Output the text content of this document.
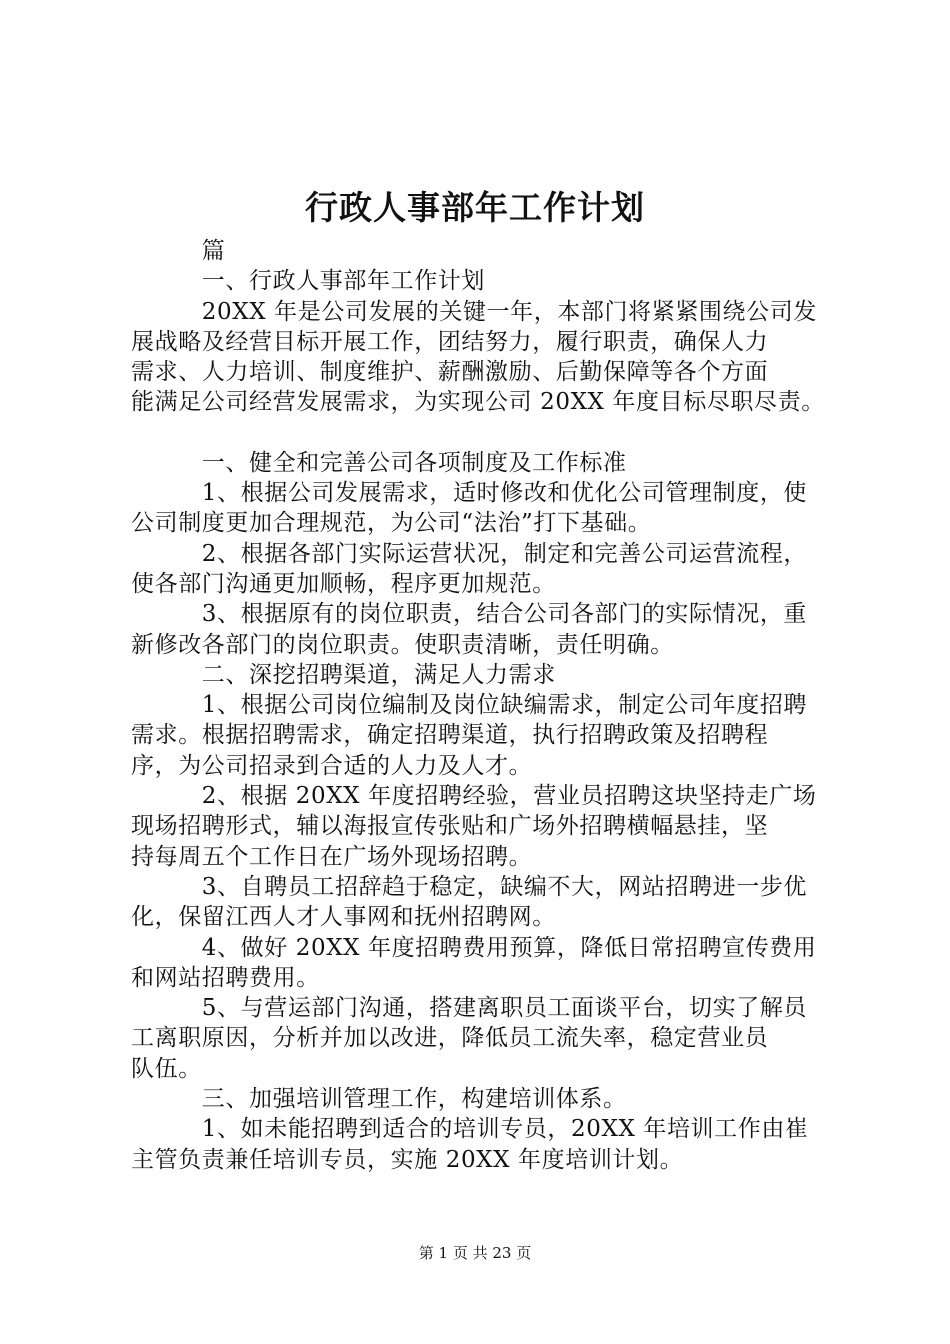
行政人事部年工作计划
　　　篇
　　　一、行政人事部年工作计划
　　　20XX 年是公司发展的关键一年，本部门将紧紧围绕公司发
展战略及经营目标开展工作，团结努力，履行职责，确保人力
需求、人力培训、制度维护、薪酬激励、后勤保障等各个方面
能满足公司经营发展需求，为实现公司 20XX 年度目标尽职尽责。
　　　一、健全和完善公司各项制度及工作标准
　　　1、根据公司发展需求，适时修改和优化公司管理制度，使
公司制度更加合理规范，为公司“法治”打下基础。
　　　2、根据各部门实际运营状况，制定和完善公司运营流程，
使各部门沟通更加顺畅，程序更加规范。
　　　3、根据原有的岗位职责，结合公司各部门的实际情况，重
新修改各部门的岗位职责。使职责清晰，责任明确。
　　　二、深挖招聘渠道，满足人力需求
　　　1、根据公司岗位编制及岗位缺编需求，制定公司年度招聘
需求。根据招聘需求，确定招聘渠道，执行招聘政策及招聘程
序，为公司招录到合适的人力及人才。
　　　2、根据 20XX 年度招聘经验，营业员招聘这块坚持走广场
现场招聘形式，辅以海报宣传张贴和广场外招聘横幅悬挂，坚
持每周五个工作日在广场外现场招聘。
　　　3、自聘员工招辞趋于稳定，缺编不大，网站招聘进一步优
化，保留江西人才人事网和抚州招聘网。
　　　4、做好 20XX 年度招聘费用预算，降低日常招聘宣传费用
和网站招聘费用。
　　　5、与营运部门沟通，搭建离职员工面谈平台，切实了解员
工离职原因，分析并加以改进，降低员工流失率，稳定营业员
队伍。
　　　三、加强培训管理工作，构建培训体系。
　　　1、如未能招聘到适合的培训专员，20XX 年培训工作由崔
主管负责兼任培训专员，实施 20XX 年度培训计划。
第 1 页 共 23 页
